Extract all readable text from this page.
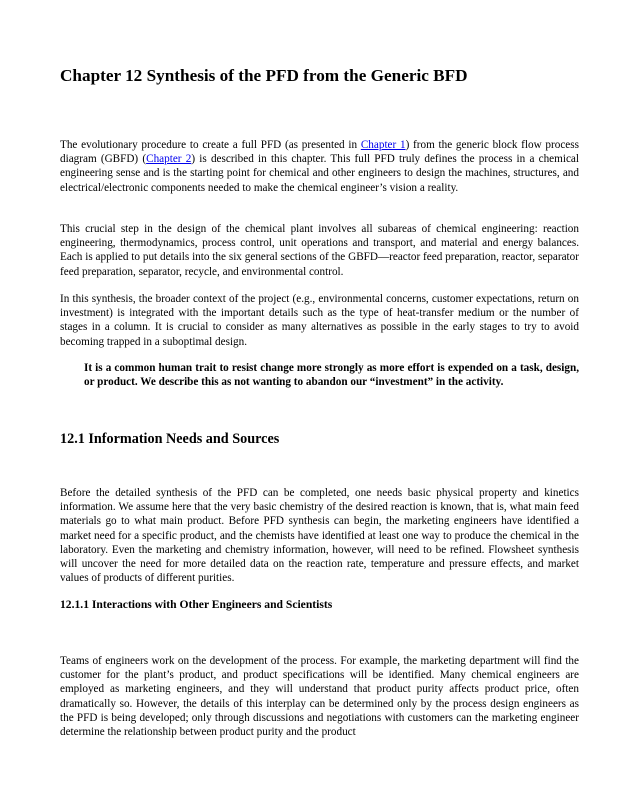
Chapter 12 Synthesis of the PFD from the Generic BFD

The evolutionary procedure to create a full PFD (as presented in Chapter 1) from the generic block flow process diagram (GBFD) (Chapter 2) is described in this chapter. This full PFD truly defines the process in a chemical engineering sense and is the starting point for chemical and other engineers to design the machines, structures, and electrical/electronic components needed to make the chemical engineer’s vision a reality.

This crucial step in the design of the chemical plant involves all subareas of chemical engineering: reaction engineering, thermodynamics, process control, unit operations and transport, and material and energy balances. Each is applied to put details into the six general sections of the GBFD—reactor feed preparation, reactor, separator feed preparation, separator, recycle, and environmental control.

In this synthesis, the broader context of the project (e.g., environmental concerns, customer expectations, return on investment) is integrated with the important details such as the type of heat-transfer medium or the number of stages in a column. It is crucial to consider as many alternatives as possible in the early stages to try to avoid becoming trapped in a suboptimal design.

It is a common human trait to resist change more strongly as more effort is expended on a task, design, or product. We describe this as not wanting to abandon our “investment” in the activity.

12.1 Information Needs and Sources

Before the detailed synthesis of the PFD can be completed, one needs basic physical property and kinetics information. We assume here that the very basic chemistry of the desired reaction is known, that is, what main feed materials go to what main product. Before PFD synthesis can begin, the marketing engineers have identified a market need for a specific product, and the chemists have identified at least one way to produce the chemical in the laboratory. Even the marketing and chemistry information, however, will need to be refined. Flowsheet synthesis will uncover the need for more detailed data on the reaction rate, temperature and pressure effects, and market values of products of different purities.

12.1.1 Interactions with Other Engineers and Scientists

Teams of engineers work on the development of the process. For example, the marketing department will find the customer for the plant’s product, and product specifications will be identified. Many chemical engineers are employed as marketing engineers, and they will understand that product purity affects product price, often dramatically so. However, the details of this interplay can be determined only by the process design engineers as the PFD is being developed; only through discussions and negotiations with customers can the marketing engineer determine the relationship between product purity and the product
